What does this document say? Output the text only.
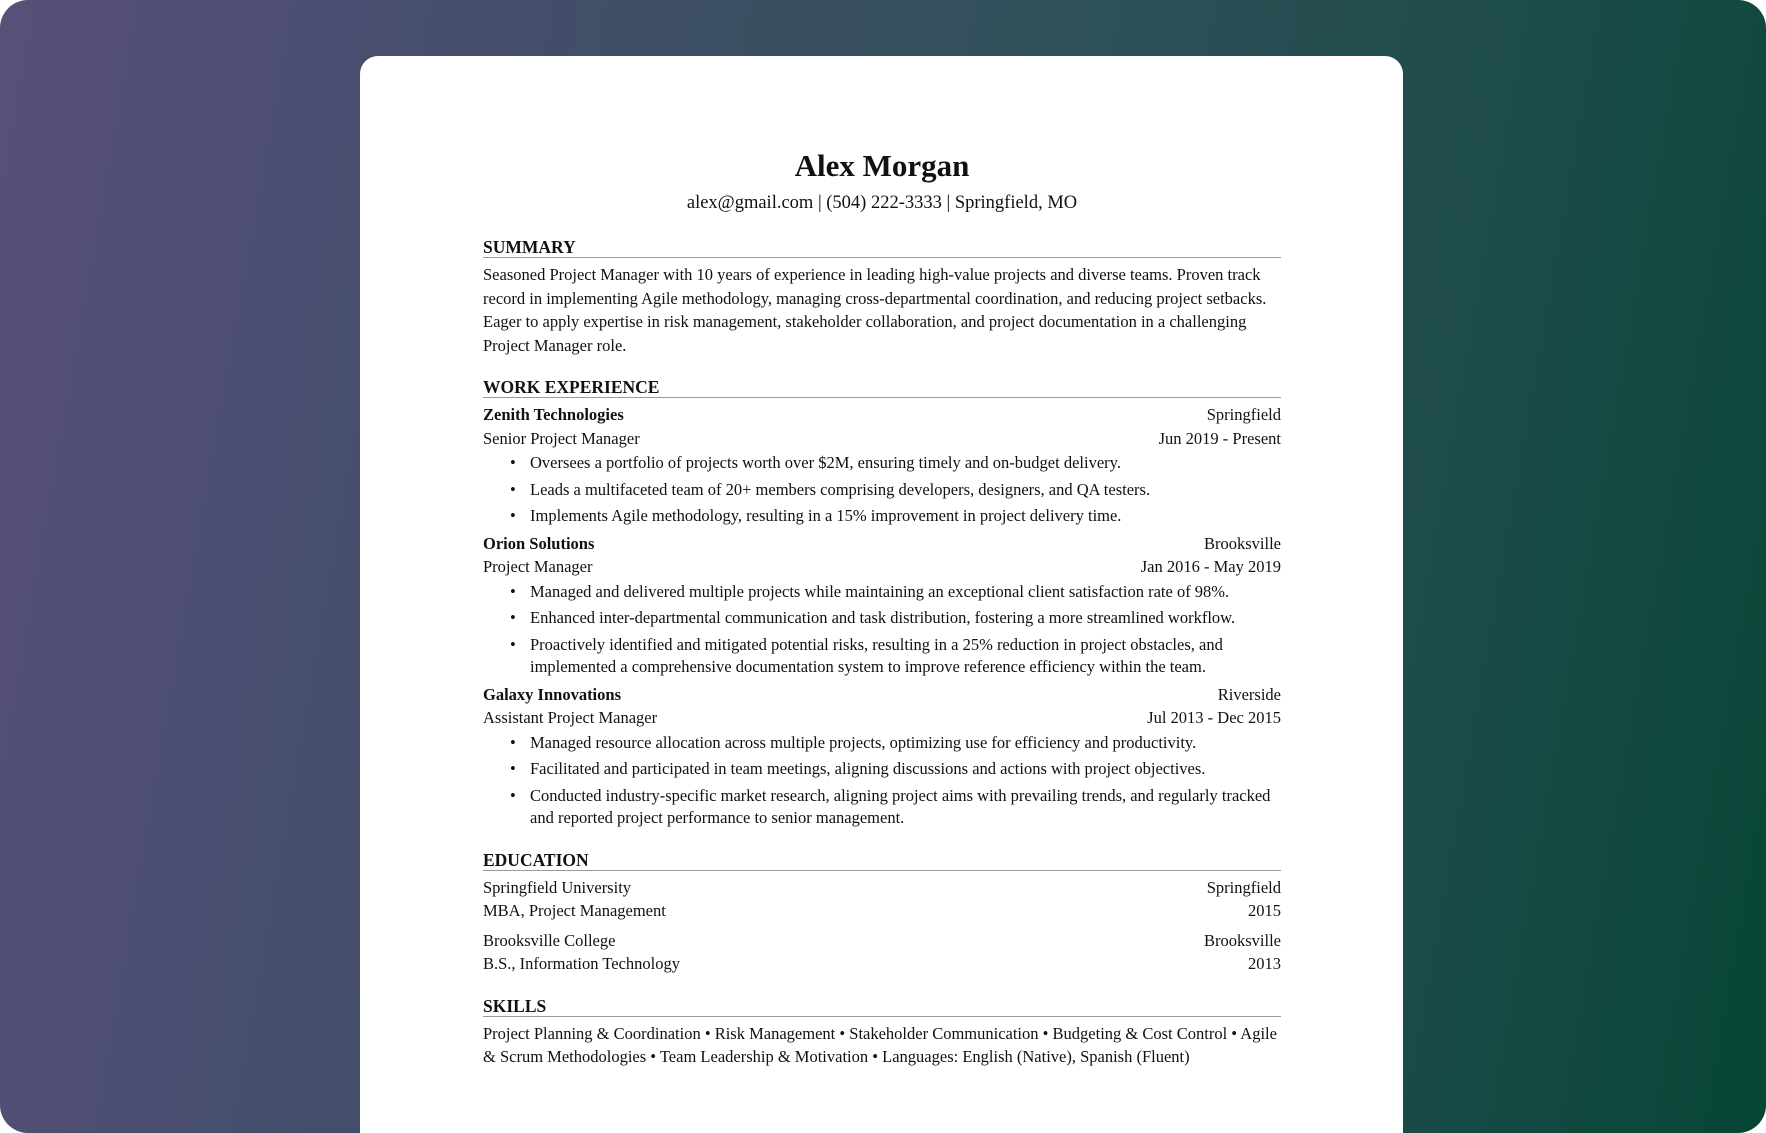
Alex Morgan
alex@gmail.com | (504) 222-3333 | Springfield, MO
SUMMARY
Seasoned Project Manager with 10 years of experience in leading high-value projects and diverse teams. Proven track record in implementing Agile methodology, managing cross-departmental coordination, and reducing project setbacks. Eager to apply expertise in risk management, stakeholder collaboration, and project documentation in a challenging Project Manager role.
WORK EXPERIENCE
Zenith Technologies	Springfield
Senior Project Manager	Jun 2019 - Present
• Oversees a portfolio of projects worth over $2M, ensuring timely and on-budget delivery.
• Leads a multifaceted team of 20+ members comprising developers, designers, and QA testers.
• Implements Agile methodology, resulting in a 15% improvement in project delivery time.
Orion Solutions	Brooksville
Project Manager	Jan 2016 - May 2019
• Managed and delivered multiple projects while maintaining an exceptional client satisfaction rate of 98%.
• Enhanced inter-departmental communication and task distribution, fostering a more streamlined workflow.
• Proactively identified and mitigated potential risks, resulting in a 25% reduction in project obstacles, and implemented a comprehensive documentation system to improve reference efficiency within the team.
Galaxy Innovations	Riverside
Assistant Project Manager	Jul 2013 - Dec 2015
• Managed resource allocation across multiple projects, optimizing use for efficiency and productivity.
• Facilitated and participated in team meetings, aligning discussions and actions with project objectives.
• Conducted industry-specific market research, aligning project aims with prevailing trends, and regularly tracked and reported project performance to senior management.
EDUCATION
Springfield University	Springfield
MBA, Project Management	2015
Brooksville College	Brooksville
B.S., Information Technology	2013
SKILLS
Project Planning & Coordination • Risk Management • Stakeholder Communication • Budgeting & Cost Control • Agile & Scrum Methodologies • Team Leadership & Motivation • Languages: English (Native), Spanish (Fluent)
